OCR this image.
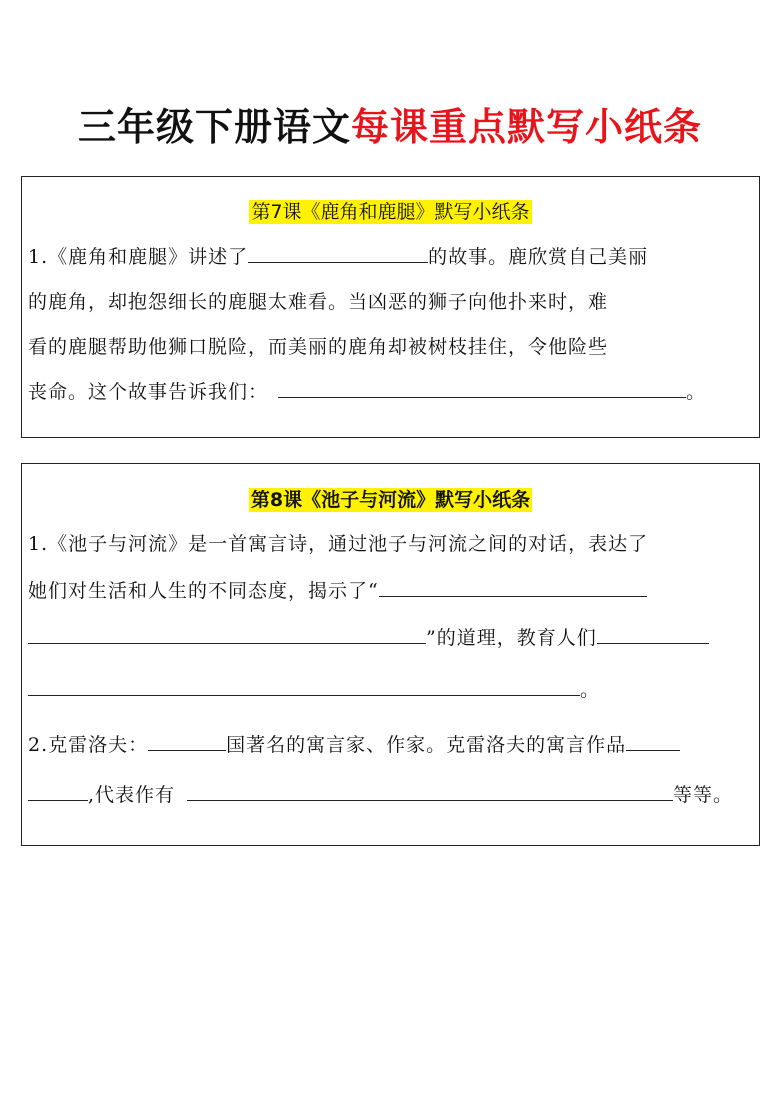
三年级下册语文每课重点默写小纸条
第7课《鹿角和鹿腿》默写小纸条
1.《鹿角和鹿腿》讲述了	的故事。鹿欣赏自己美丽
的鹿角，却抱怨细长的鹿腿太难看。当凶恶的狮子向他扑来时，难
看的鹿腿帮助他狮口脱险，而美丽的鹿角却被树枝挂住，令他险些
丧命。这个故事告诉我们：	。
第8课《池子与河流》默写小纸条
1.《池子与河流》是一首寓言诗，通过池子与河流之间的对话，表达了
她们对生活和人生的不同态度，揭示了“
”的道理，教育人们
。
2.克雷洛夫：	国著名的寓言家、作家。克雷洛夫的寓言作品
,代表作有	等等。
